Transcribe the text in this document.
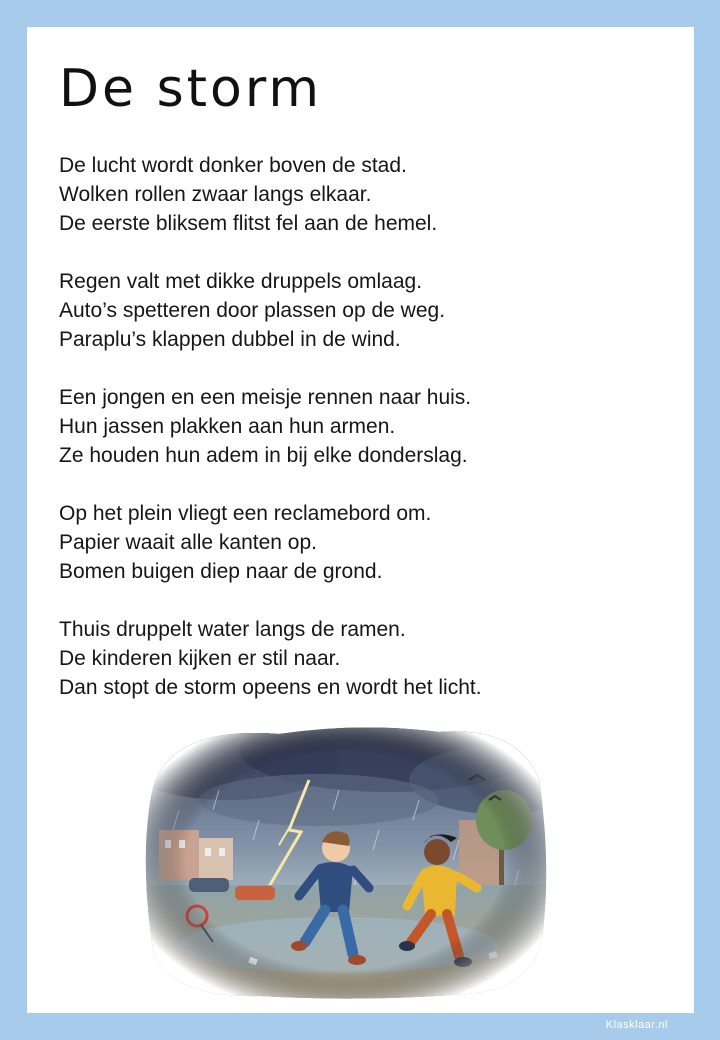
De storm
De lucht wordt donker boven de stad.
Wolken rollen zwaar langs elkaar.
De eerste bliksem flitst fel aan de hemel.
Regen valt met dikke druppels omlaag.
Auto’s spetteren door plassen op de weg.
Paraplu’s klappen dubbel in de wind.
Een jongen en een meisje rennen naar huis.
Hun jassen plakken aan hun armen.
Ze houden hun adem in bij elke donderslag.
Op het plein vliegt een reclamebord om.
Papier waait alle kanten op.
Bomen buigen diep naar de grond.
Thuis druppelt water langs de ramen.
De kinderen kijken er stil naar.
Dan stopt de storm opeens en wordt het licht.
Klasklaar.nl
